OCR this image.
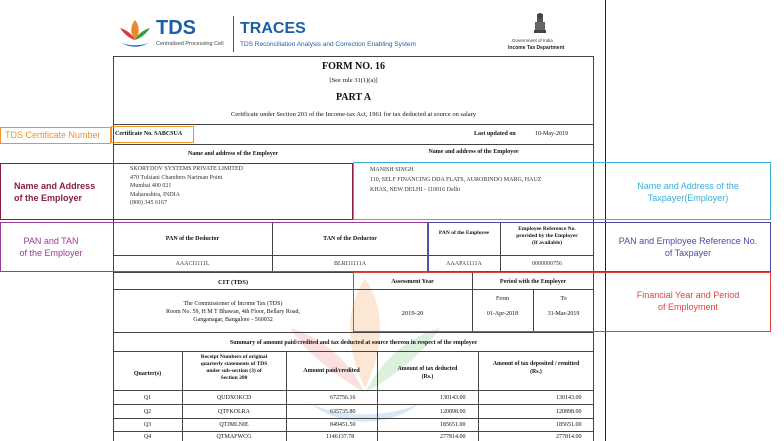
TDS
Centralised Processing Cell
TRACES
TDS Reconciliation Analysis and Correction Enabling System
Government of India
Income Tax Department
FORM NO. 16
[See rule 31(1)(a)]
PART A
Certificate under Section 203 of the Income-tax Act, 1961 for tax deducted at source on salary
Certificate No. SABCSUA	Last updated on	10-May-2019
Name and address of the Employer	Name and address of the Employee
SKORYDOV SYSTEMS PRIVATE LIMITED
470 Tulsiani Chambers Nariman Point
Mumbai 400 021
Maharashtra, INDIA
(800) 345 6167
MANISH SINGH
110, SELF FINANCING DDA FLATS, AUROBINDO MARG, HAUZ
KHAS, NEW DELHI - 110016 Delhi
PAN of the Deductor	TAN of the Deductor
PAN of the Employee
Employee Reference No.
provided by the Employer
(If available)
AAACI1111L	BLRI11111A	AAAPA1111A	0000000756
CIT (TDS)	Assessment Year	Period with the Employer
The Commissioner of Income Tax (TDS)
Room No. 59, H M T Bhawan, 4th Floor, Bellary Road,
Ganganagar, Bangalore - 560032
2019-20
From	To
01-Apr-2018	31-Mar-2019
Summary of amount paid/credited and tax deducted at source thereon in respect of the employee
Quarter(s)
Receipt Numbers of original
quarterly statements of TDS
under sub-section (3) of
Section 200
Amount paid/credited	Amount of tax deducted
(Rs.)
Amount of tax deposited / remitted
(Rs.)
Q1	QUDXOKCD	672756.16	130143.00	130143.00
Q2	QTFKOLRA	635735.80	120898.00	120898.00
Q3	QTJMLNIE	849451.50	185651.00	185651.00
Q4	QTMAFWCG	1146137.78	277814.00	277814.00
TDS Certificate Number
Name and Address
of the Employer
Name and Address of the
Taxpayer(Employer)
PAN and TAN
of the Employer
PAN and Employee Reference No.
of Taxpayer
Financial Year and Period
of Employment
